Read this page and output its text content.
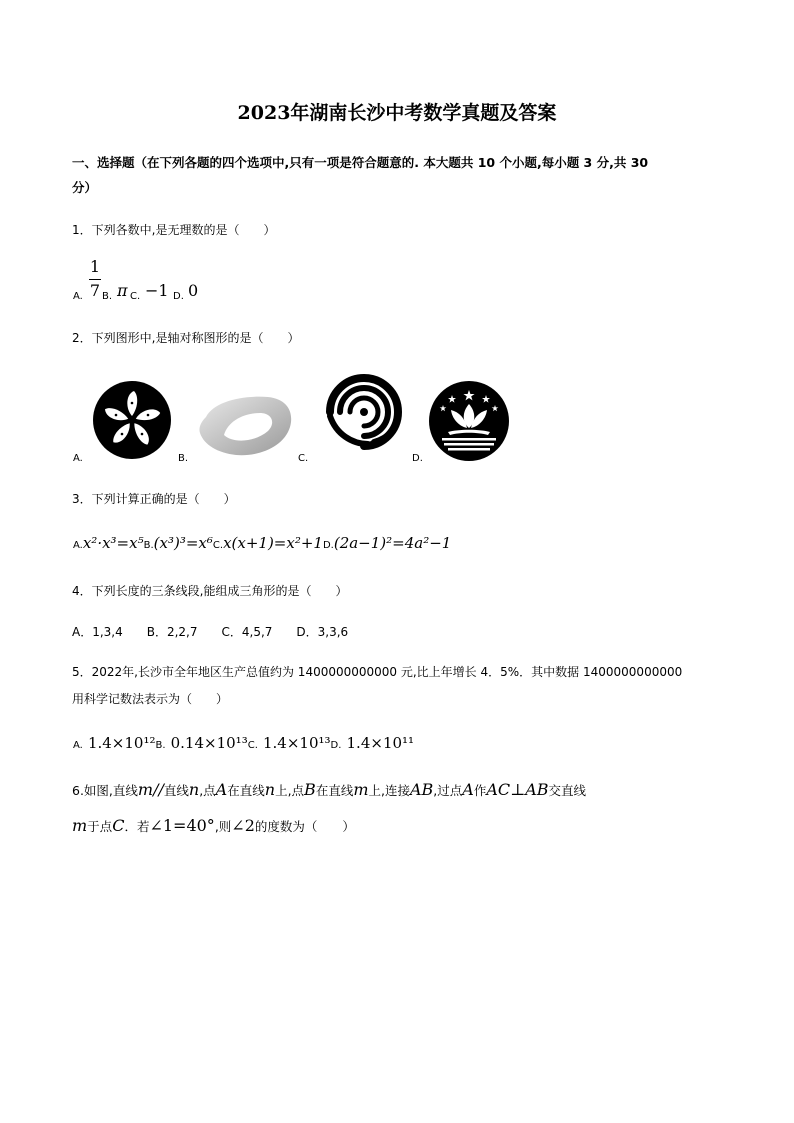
2023年湖南长沙中考数学真题及答案
一、选择题（在下列各题的四个选项中,只有一项是符合题意的. 本大题共 10 个小题,每小题 3 分,共 30
分）
1．下列各数中,是无理数的是（　　）
1
7
A. B. π C. −1 D. 0
2．下列图形中,是轴对称图形的是（　　）
A.	B.	C.	D.
3．下列计算正确的是（　　）
A.x²·x³=x⁵B.(x³)³=x⁶C.x(x+1)=x²+1D.(2a−1)²=4a²−1
4．下列长度的三条线段,能组成三角形的是（　　）
A．1,3,4　　B．2,2,7　　C．4,5,7　　D．3,3,6
5．2022年,长沙市全年地区生产总值约为 1400000000000 元,比上年增长 4．5%．其中数据 1400000000000
用科学记数法表示为（　　）
A. 1.4×10¹²B. 0.14×10¹³C. 1.4×10¹³D. 1.4×10¹¹
6.如图,直线m//直线n,点A在直线n上,点B在直线m上,连接AB,过点A作AC⊥AB交直线
m于点C．若∠1=40°,则∠2的度数为（　　）
